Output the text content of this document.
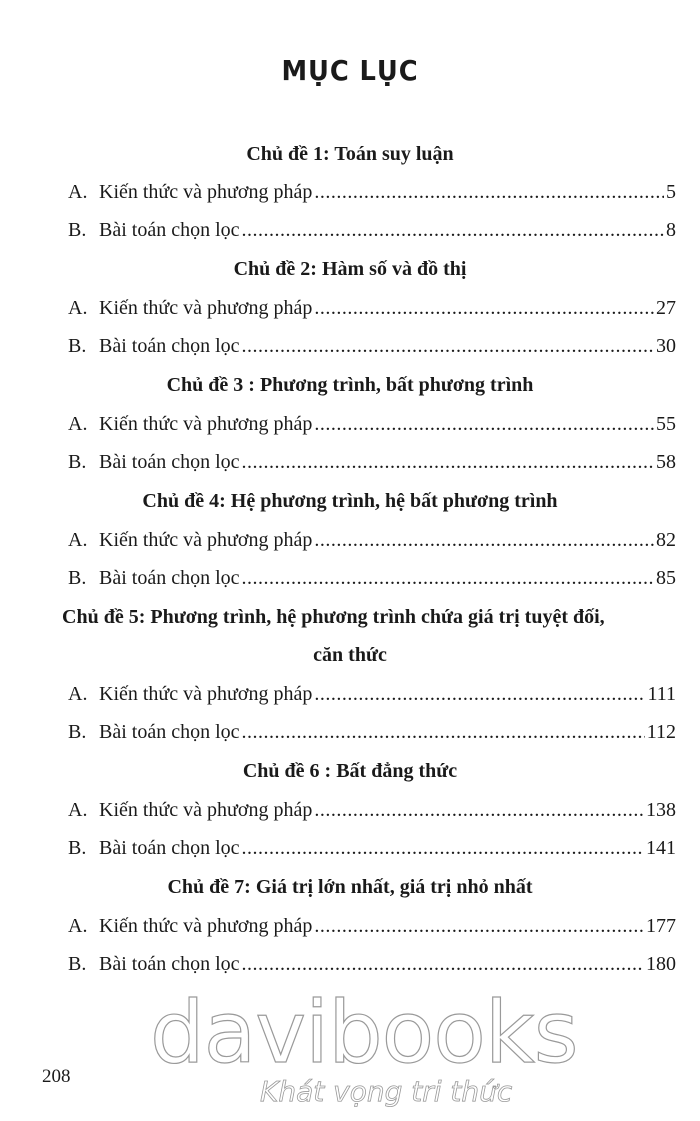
MỤC LỤC
Chủ đề 1: Toán suy luận
A. Kiến thức và phương pháp .....	5
B. Bài toán chọn lọc .....	8
Chủ đề 2: Hàm số và đồ thị
A. Kiến thức và phương pháp .....	27
B. Bài toán chọn lọc .....	30
Chủ đề 3 : Phương trình, bất phương trình
A. Kiến thức và phương pháp .....	55
B. Bài toán chọn lọc .....	58
Chủ đề 4: Hệ phương trình, hệ bất phương trình
A. Kiến thức và phương pháp .....	82
B. Bài toán chọn lọc .....	85
Chủ đề 5: Phương trình, hệ phương trình chứa giá trị tuyệt đối,
căn thức
A. Kiến thức và phương pháp .....	111
B. Bài toán chọn lọc .....	112
Chủ đề 6 : Bất đẳng thức
A. Kiến thức và phương pháp .....	138
B. Bài toán chọn lọc .....	141
Chủ đề 7: Giá trị lớn nhất, giá trị nhỏ nhất
A. Kiến thức và phương pháp .....	177
B. Bài toán chọn lọc .....	180
davibooks
Khát vọng tri thức
208
